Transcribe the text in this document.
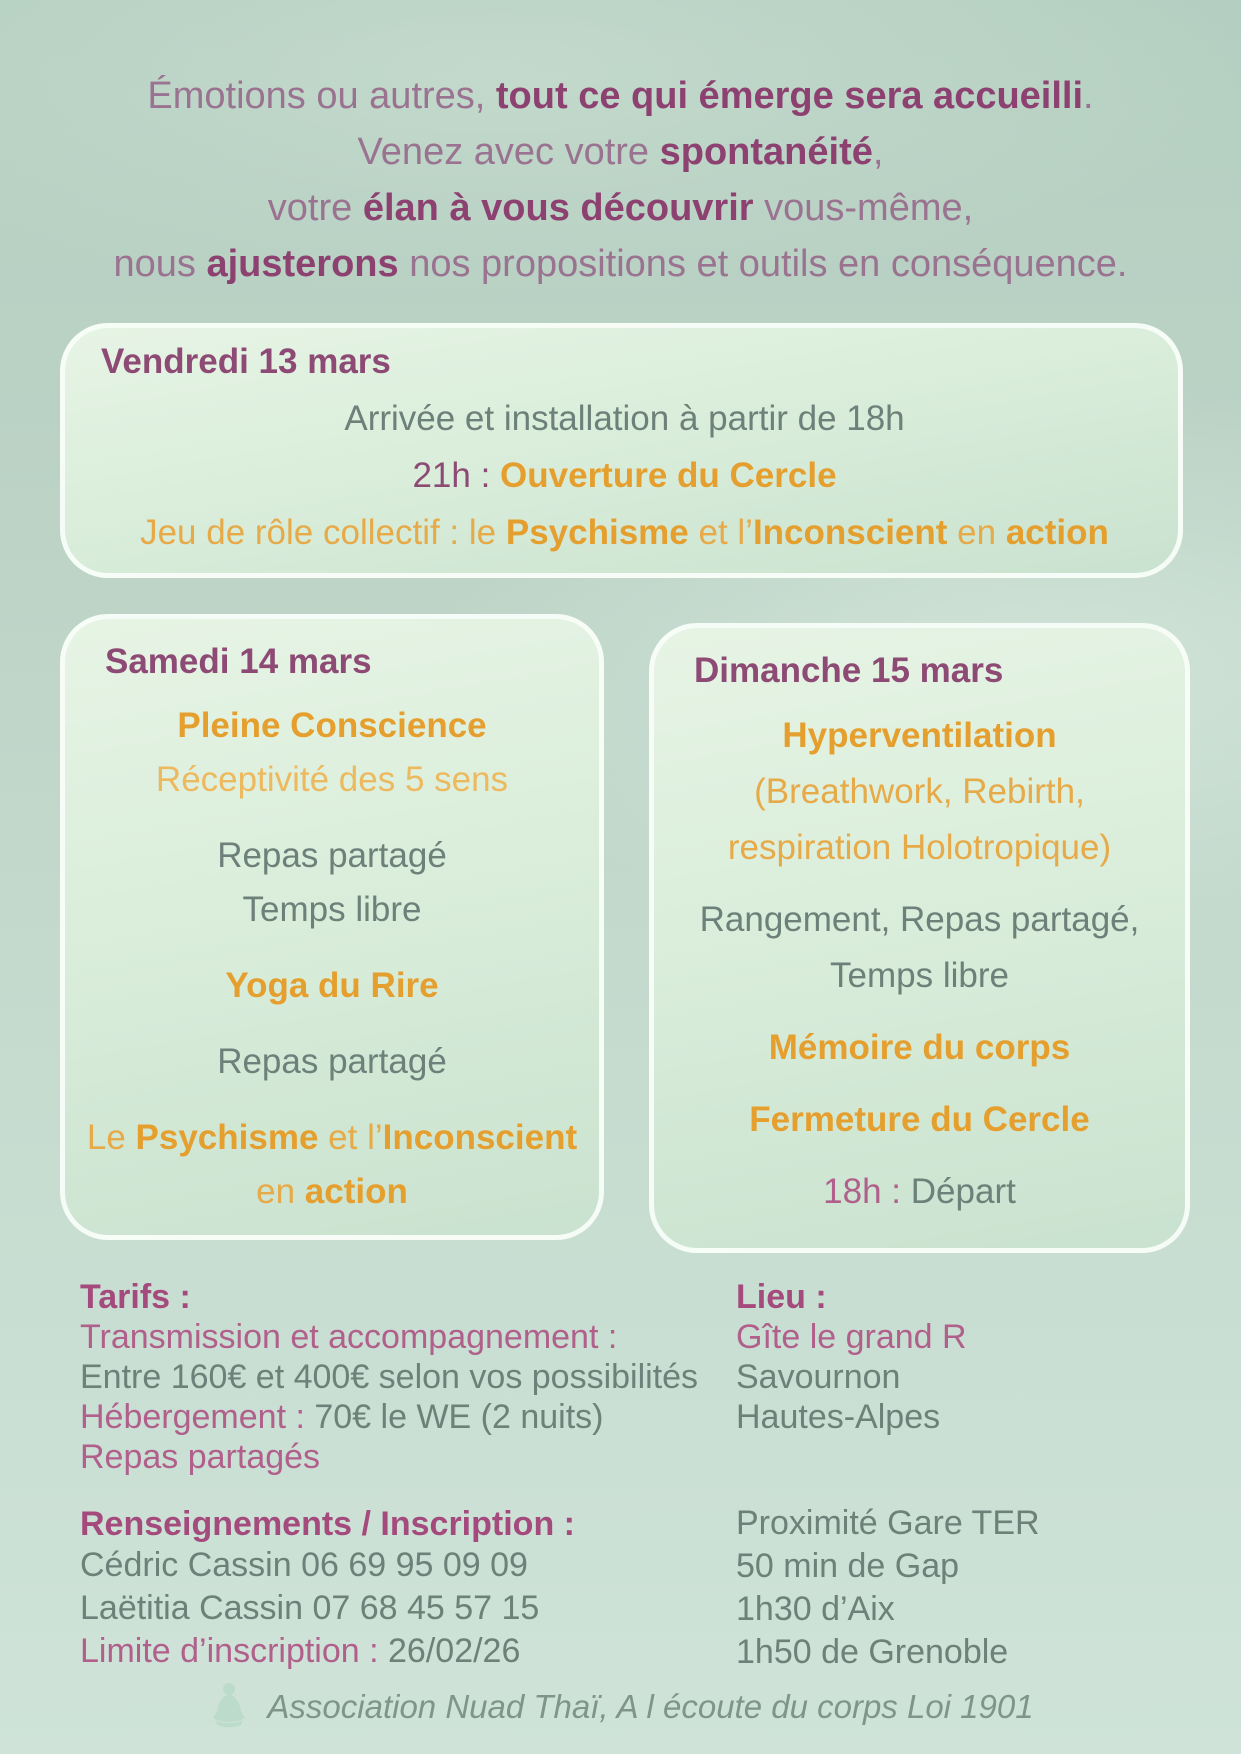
Émotions ou autres, tout ce qui émerge sera accueilli.
Venez avec votre spontanéité,
votre élan à vous découvrir vous-même,
nous ajusterons nos propositions et outils en conséquence.
Vendredi 13 mars
Arrivée et installation à partir de 18h
21h : Ouverture du Cercle
Jeu de rôle collectif : le Psychisme et l’Inconscient en action
Samedi 14 mars
Pleine Conscience
Réceptivité des 5 sens
Repas partagé
Temps libre
Yoga du Rire
Repas partagé
Le Psychisme et l’Inconscient
en action
Dimanche 15 mars
Hyperventilation
(Breathwork, Rebirth,
respiration Holotropique)
Rangement, Repas partagé,
Temps libre
Mémoire du corps
Fermeture du Cercle
18h : Départ
Tarifs :
Transmission et accompagnement :
Entre 160€ et 400€ selon vos possibilités
Hébergement : 70€ le WE (2 nuits)
Repas partagés
Renseignements / Inscription :
Cédric Cassin 06 69 95 09 09
Laëtitia Cassin 07 68 45 57 15
Limite d’inscription : 26/02/26
Lieu :
Gîte le grand R
Savournon
Hautes-Alpes
Proximité Gare TER
50 min de Gap
1h30 d’Aix
1h50 de Grenoble
Association Nuad Thaï, A l écoute du corps Loi 1901
